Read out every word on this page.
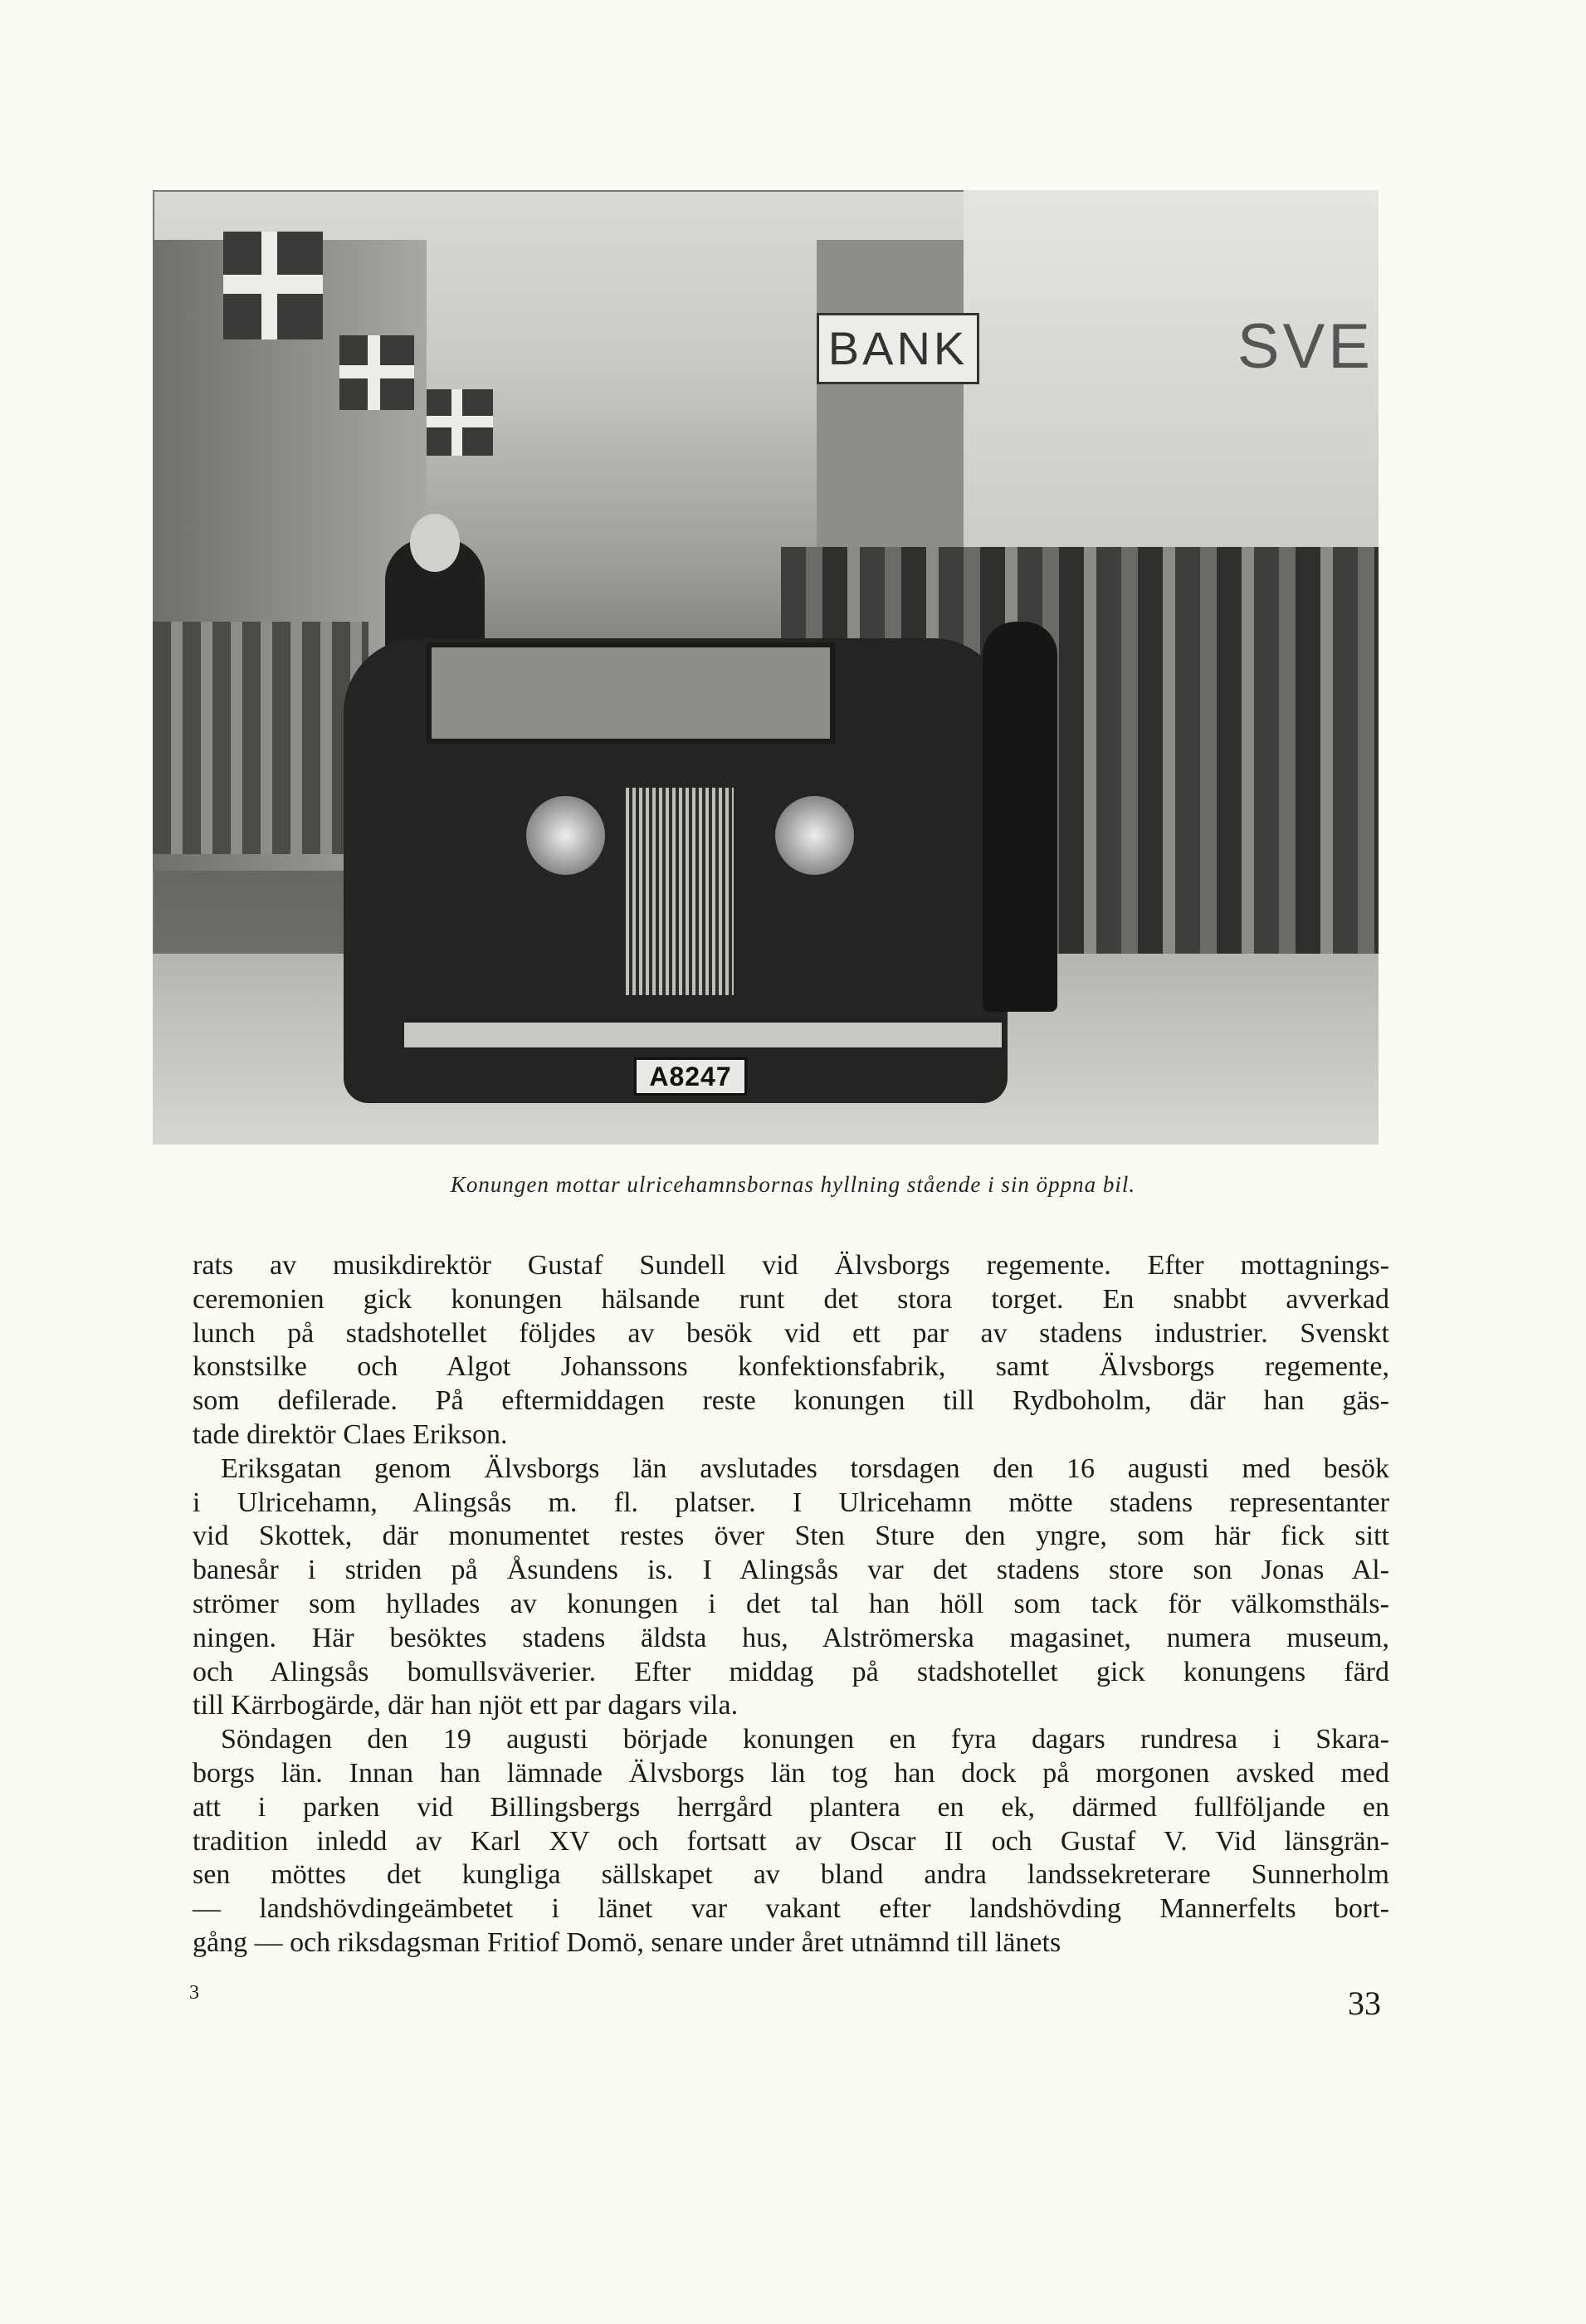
BANK	SVE
A8247
Konungen mottar ulricehamnsbornas hyllning stående i sin öppna bil.
rats av musikdirektör Gustaf Sundell vid Älvsborgs regemente. Efter mottagnings-
ceremonien gick konungen hälsande runt det stora torget. En snabbt avverkad
lunch på stadshotellet följdes av besök vid ett par av stadens industrier. Svenskt
konstsilke och Algot Johanssons konfektionsfabrik, samt Älvsborgs regemente,
som defilerade. På eftermiddagen reste konungen till Rydboholm, där han gäs-
tade direktör Claes Erikson.
Eriksgatan genom Älvsborgs län avslutades torsdagen den 16 augusti med besök
i Ulricehamn, Alingsås m. fl. platser. I Ulricehamn mötte stadens representanter
vid Skottek, där monumentet restes över Sten Sture den yngre, som här fick sitt
banesår i striden på Åsundens is. I Alingsås var det stadens store son Jonas Al-
strömer som hyllades av konungen i det tal han höll som tack för välkomsthäls-
ningen. Här besöktes stadens äldsta hus, Alströmerska magasinet, numera museum,
och Alingsås bomullsväverier. Efter middag på stadshotellet gick konungens färd
till Kärrbogärde, där han njöt ett par dagars vila.
Söndagen den 19 augusti började konungen en fyra dagars rundresa i Skara-
borgs län. Innan han lämnade Älvsborgs län tog han dock på morgonen avsked med
att i parken vid Billingsbergs herrgård plantera en ek, därmed fullföljande en
tradition inledd av Karl XV och fortsatt av Oscar II och Gustaf V. Vid länsgrän-
sen möttes det kungliga sällskapet av bland andra landssekreterare Sunnerholm
— landshövdingeämbetet i länet var vakant efter landshövding Mannerfelts bort-
gång — och riksdagsman Fritiof Domö, senare under året utnämnd till länets
3	33
